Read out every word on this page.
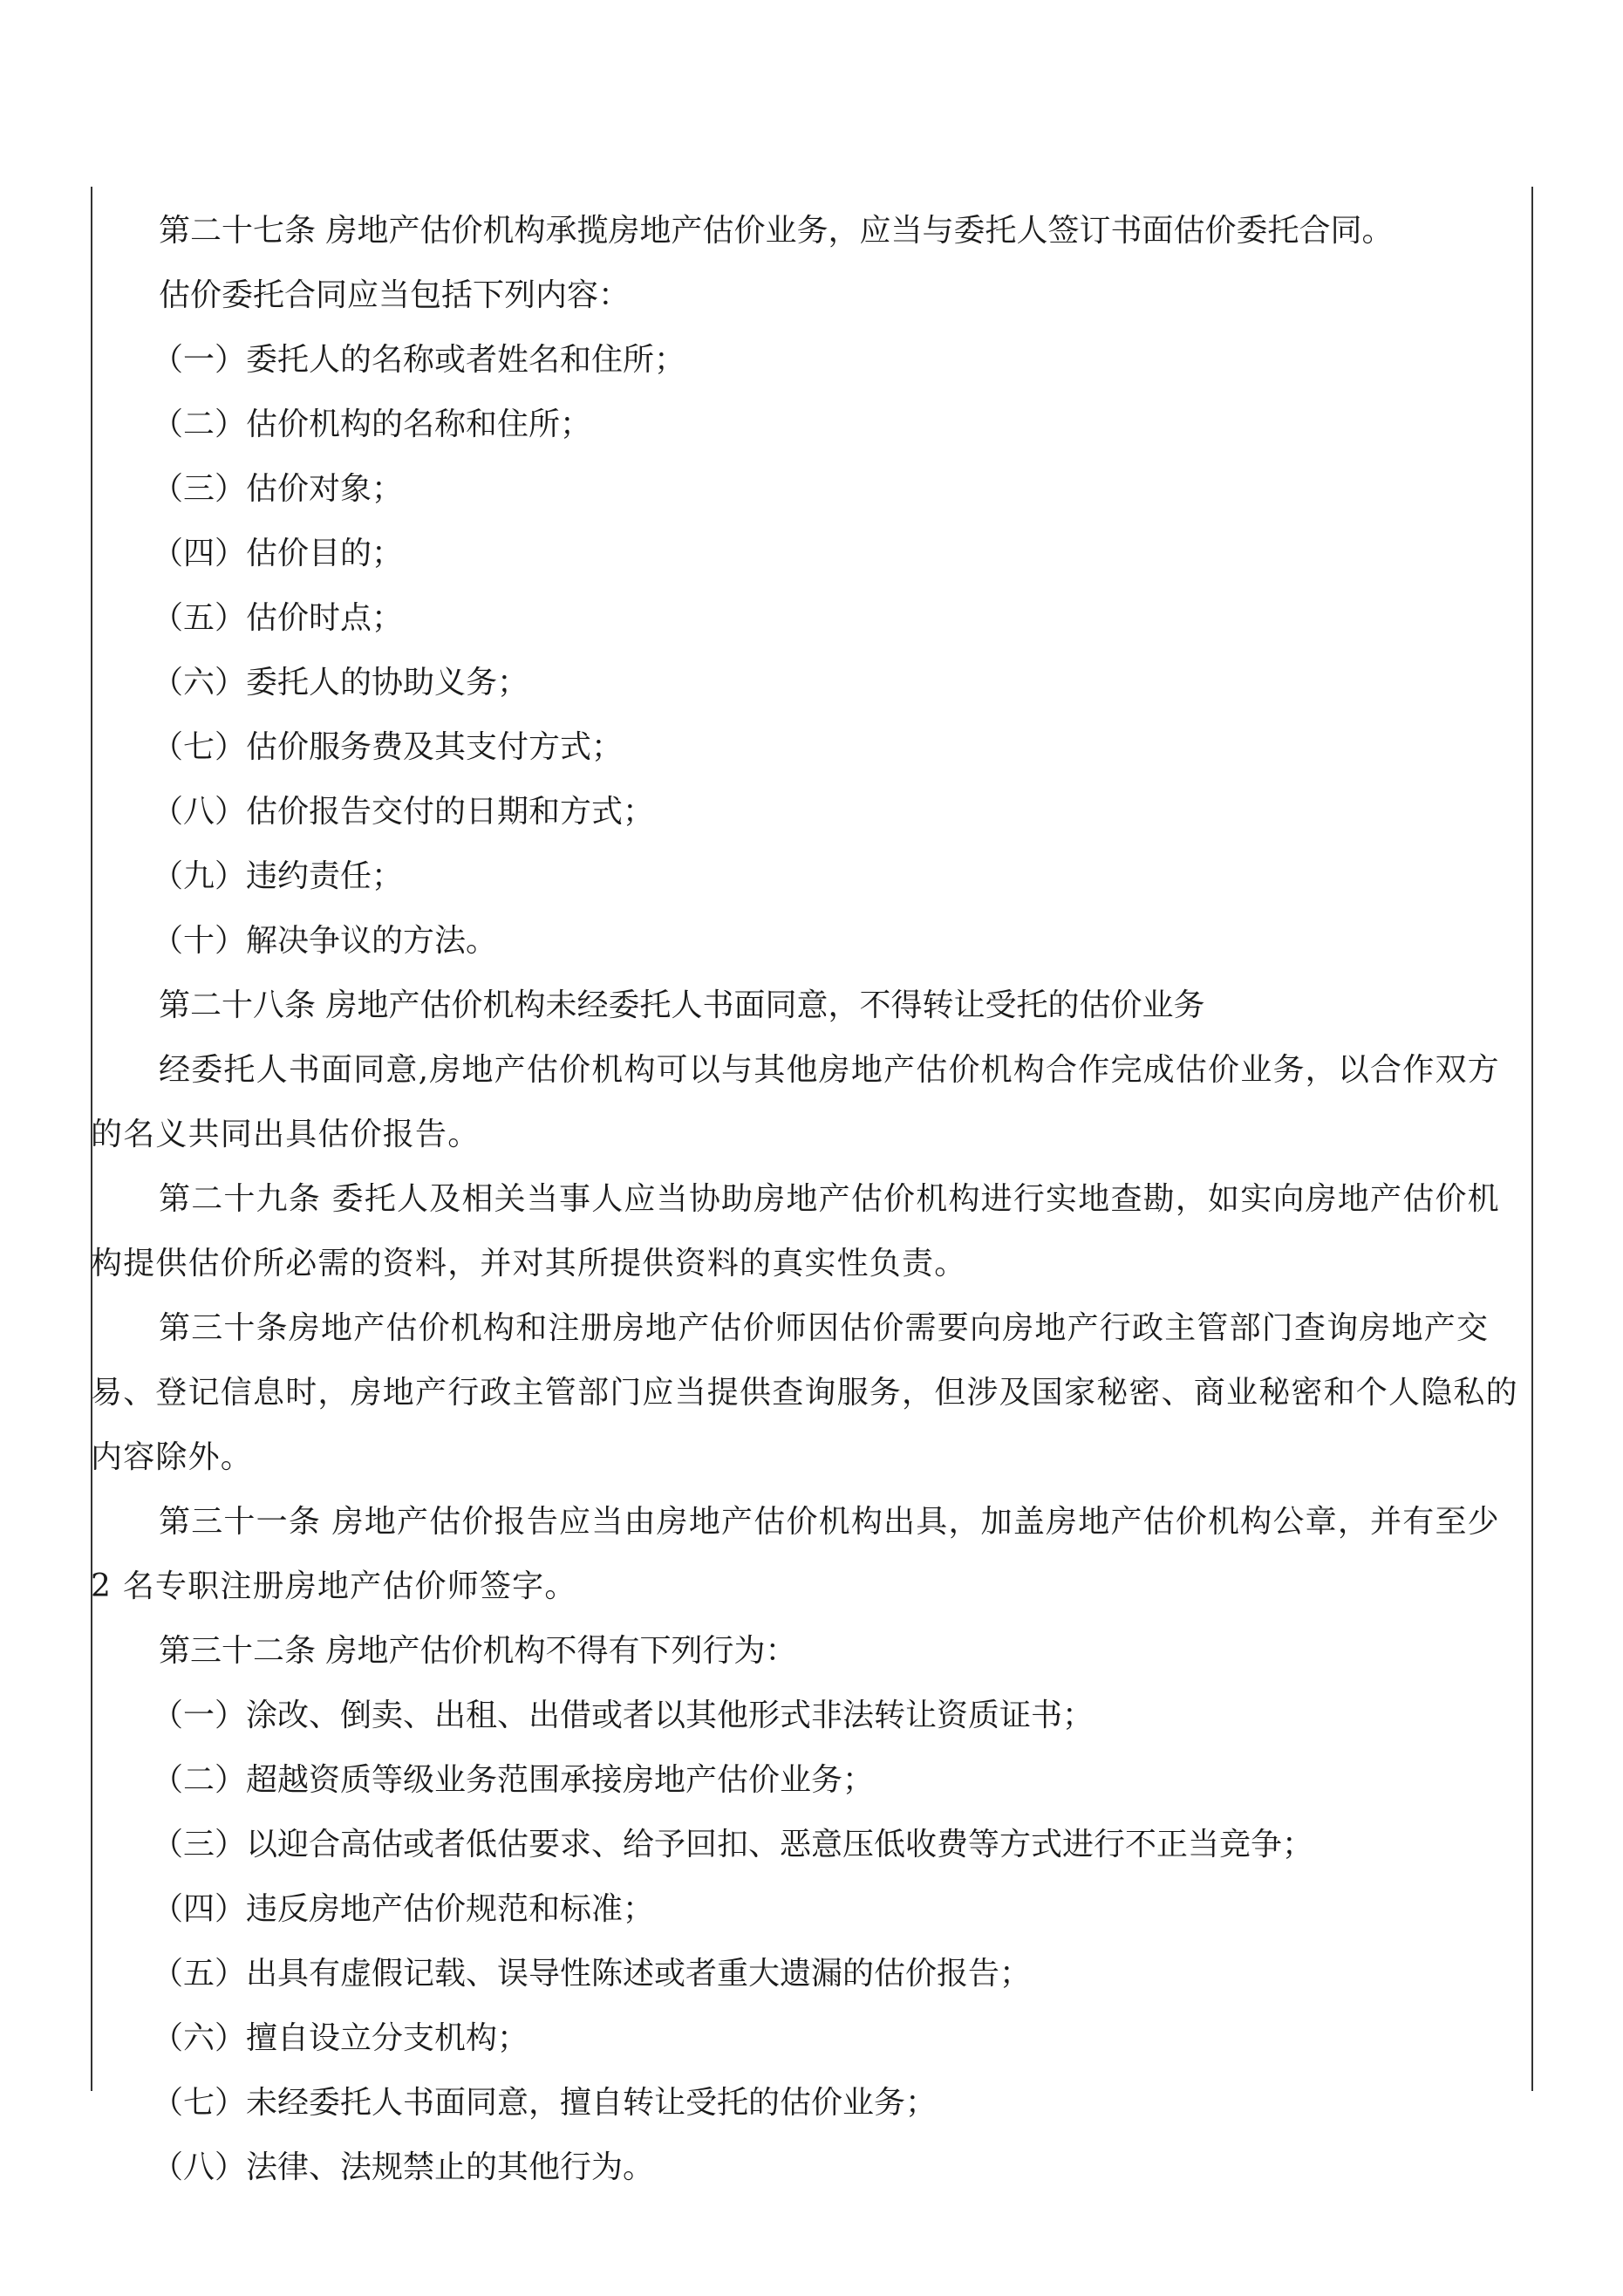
第二十七条 房地产估价机构承揽房地产估价业务，应当与委托人签订书面估价委托合同。

估价委托合同应当包括下列内容：

（一）委托人的名称或者姓名和住所；

（二）估价机构的名称和住所；

（三）估价对象；

（四）估价目的；

（五）估价时点；

（六）委托人的协助义务；

（七）估价服务费及其支付方式；

（八）估价报告交付的日期和方式；

（九）违约责任；

（十）解决争议的方法。

第二十八条 房地产估价机构未经委托人书面同意，不得转让受托的估价业务

经委托人书面同意,房地产估价机构可以与其他房地产估价机构合作完成估价业务，以合作双方的名义共同出具估价报告。

第二十九条 委托人及相关当事人应当协助房地产估价机构进行实地查勘，如实向房地产估价机构提供估价所必需的资料，并对其所提供资料的真实性负责。

第三十条房地产估价机构和注册房地产估价师因估价需要向房地产行政主管部门查询房地产交易、登记信息时，房地产行政主管部门应当提供查询服务，但涉及国家秘密、商业秘密和个人隐私的内容除外。

第三十一条 房地产估价报告应当由房地产估价机构出具，加盖房地产估价机构公章，并有至少 2 名专职注册房地产估价师签字。

第三十二条 房地产估价机构不得有下列行为：

（一）涂改、倒卖、出租、出借或者以其他形式非法转让资质证书；

（二）超越资质等级业务范围承接房地产估价业务；

（三）以迎合高估或者低估要求、给予回扣、恶意压低收费等方式进行不正当竞争；

（四）违反房地产估价规范和标准；

（五）出具有虚假记载、误导性陈述或者重大遗漏的估价报告；

（六）擅自设立分支机构；

（七）未经委托人书面同意，擅自转让受托的估价业务；

（八）法律、法规禁止的其他行为。
